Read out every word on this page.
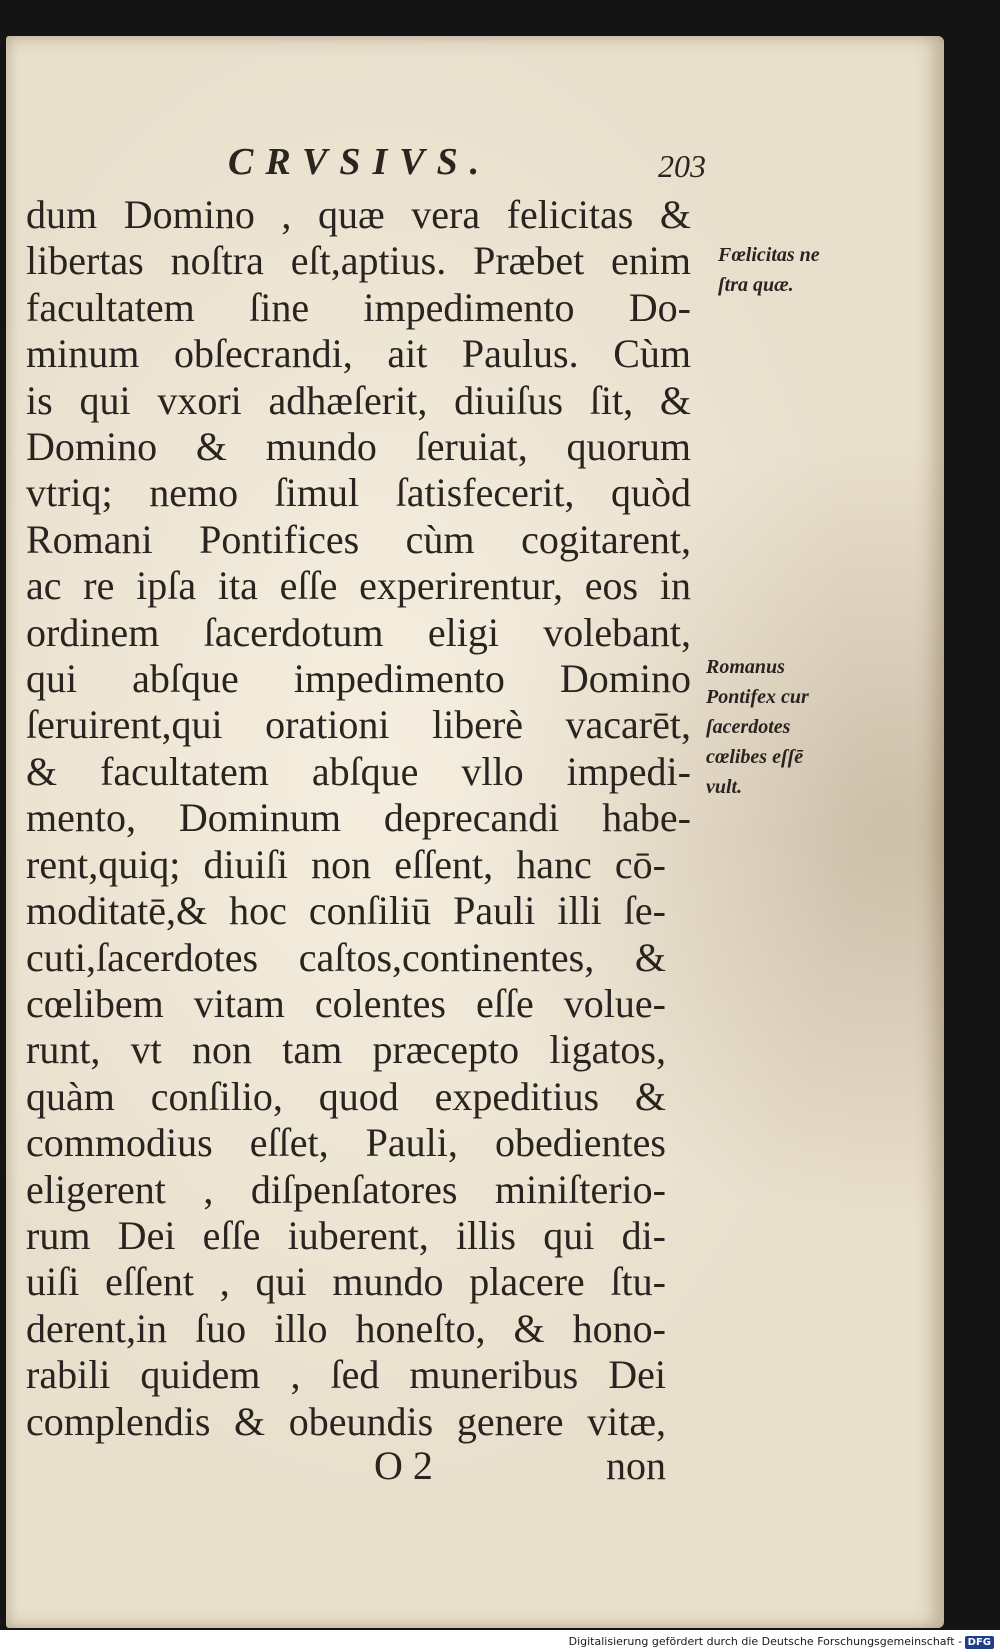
CRVSIVS.	203
dum Domino , quæ vera felicitas &
libertas noſtra eſt,aptius. Præbet enim
facultatem ſine impedimento Do-
minum obſecrandi, ait Paulus. Cùm
is qui vxori adhæſerit, diuiſus ſit, &
Domino & mundo ſeruiat, quorum
vtriq; nemo ſimul ſatisfecerit, quòd
Romani Pontifices cùm cogitarent,
ac re ipſa ita eſſe experirentur, eos in
ordinem ſacerdotum eligi volebant,
qui abſque impedimento Domino
ſeruirent,qui orationi liberè vacarēt,
& facultatem abſque vllo impedi-
mento, Dominum deprecandi habe-
rent,quiq; diuiſi non eſſent, hanc cō-
moditatē,& hoc conſiliū Pauli illi ſe-
cuti,ſacerdotes caſtos,continentes, &
cœlibem vitam colentes eſſe volue-
runt, vt non tam præcepto ligatos,
quàm conſilio, quod expeditius &
commodius eſſet, Pauli, obedientes
eligerent , diſpenſatores miniſterio-
rum Dei eſſe iuberent, illis qui di-
uiſi eſſent , qui mundo placere ſtu-
derent,in ſuo illo honeſto, & hono-
rabili quidem , ſed muneribus Dei
complendis & obeundis genere vitæ,
O 2	non
Fœlicitas ne
ſtra quæ.
Romanus
Pontifex cur
ſacerdotes
cœlibes eſſē
vult.
Digitalisierung gefördert durch die Deutsche Forschungsgemeinschaft - DFG
